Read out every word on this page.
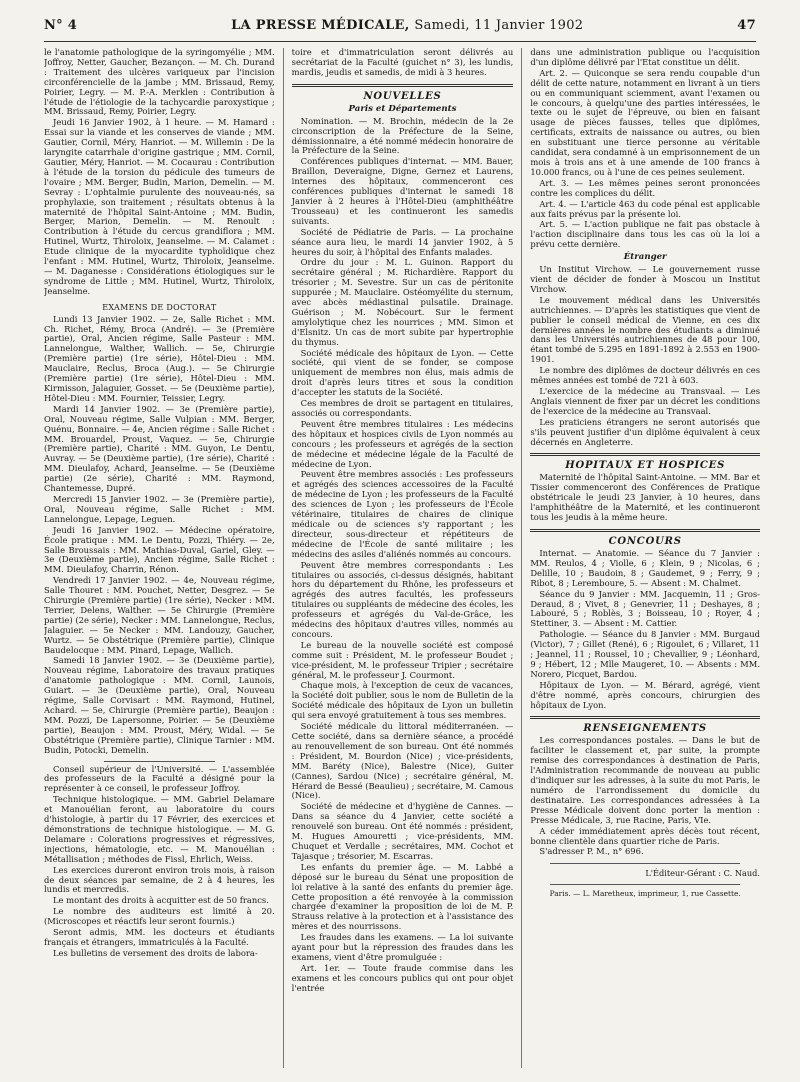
N° 4	LA PRESSE MÉDICALE, Samedi, 11 Janvier 1902	47

le l'anatomie pathologique de la syringomyélie ; MM. Joffroy, Netter, Gaucher, Bezançon. — M. Ch. Durand : Traitement des ulcères variqueux par l'incision circonférencielle de la jambe ; MM. Brissaud, Remy, Poirier, Legry. — M. P.-A. Merklen : Contribution à l'étude de l'étiologie de la tachycardie paroxystique ; MM. Brissaud, Remy, Poirier, Legry.

Jeudi 16 Janvier 1902, à 1 heure. — M. Hamard : Essai sur la viande et les conserves de viande ; MM. Gautier, Cornil, Méry, Hanriot. — M. Willemin : De la laryngite catarrhale d'origine gastrique ; MM. Cornil, Gautier, Méry, Hanriot. — M. Cocaurau : Contribution à l'étude de la torsion du pédicule des tumeurs de l'ovaire ; MM. Berger, Budin, Marion, Demelin. — M. Sevray : L'ophtalmie purulente des nouveau-nés, sa prophylaxie, son traitement ; résultats obtenus à la maternité de l'hôpital Saint-Antoine ; MM. Budin, Berger, Marion, Demelin. — M. Renoult : Contribution à l'étude du cercus grandiflora ; MM. Hutinel, Wurtz, Thiroloix, Jeanselme. — M. Calamet : Etude clinique de la myocardite typhoïdique chez l'enfant : MM. Hutinel, Wurtz, Thiroloix, Jeanselme. — M. Daganesse : Considérations étiologiques sur le syndrome de Little ; MM. Hutinel, Wurtz, Thiroloix, Jeanselme.

EXAMENS DE DOCTORAT

Lundi 13 Janvier 1902. — 2e, Salle Richet : MM. Ch. Richet, Rémy, Broca (André). — 3e (Première partie), Oral, Ancien régime, Salle Pasteur : MM. Lannelongue, Walther, Wallich. — 5e, Chirurgie (Première partie) (1re série), Hôtel-Dieu : MM. Mauclaire, Reclus, Broca (Aug.). — 5e Chirurgie (Première partie) (1re série), Hôtel-Dieu : MM. Kirmisson, Jalaguier, Gosset. — 5e (Deuxième partie), Hôtel-Dieu : MM. Fournier, Teissier, Legry.

Mardi 14 Janvier 1902. — 3e (Première partie), Oral, Nouveau régime, Salle Vulpian : MM. Berger, Quénu, Bonnaire. — 4e, Ancien régime : Salle Richet : MM. Brouardel, Proust, Vaquez. — 5e, Chirurgie (Première partie), Charité : MM. Guyon, Le Dentu, Auvray. — 5e (Deuxième partie), (1re série), Charité : MM. Dieulafoy, Achard, Jeanselme. — 5e (Deuxième partie) (2e série), Charité : MM. Raymond, Chantemesse, Dupré.

Mercredi 15 Janvier 1902. — 3e (Première partie), Oral, Nouveau régime, Salle Richet : MM. Lannelongue, Lepage, Leguen.

Jeudi 16 Janvier 1902. — Médecine opératoire, École pratique : MM. Le Dentu, Pozzi, Thiéry. — 2e, Salle Broussais : MM. Mathias-Duval, Gariel, Gley. — 3e (Deuxième partie), Ancien régime, Salle Richet : MM. Dieulafoy, Charrin, Rénon.

Vendredi 17 Janvier 1902. — 4e, Nouveau régime, Salle Thouret : MM. Pouchet, Netter, Desgrez. — 5e Chirurgie (Première partie) (1re série), Necker : MM. Terrier, Delens, Walther. — 5e Chirurgie (Première partie) (2e série), Necker : MM. Lannelongue, Reclus, Jalaguier. — 5e Necker : MM. Landouzy, Gaucher, Wurtz. — 5e Obstétrique (Première partie), Clinique Baudelocque : MM. Pinard, Lepage, Wallich.

Samedi 18 Janvier 1902. — 3e (Deuxième partie), Nouveau régime, Laboratoire des travaux pratiques d'anatomie pathologique : MM. Cornil, Launois, Guiart. — 3e (Deuxième partie), Oral, Nouveau régime, Salle Corvisart : MM. Raymond, Hutinel, Achard. — 5e, Chirurgie (Première partie), Beaujon : MM. Pozzi, De Lapersonne, Poirier. — 5e (Deuxième partie), Beaujon : MM. Proust, Méry, Widal. — 5e Obstétrique (Première partie), Clinique Tarnier : MM. Budin, Potocki, Demelin.

Conseil supérieur de l'Université. — L'assemblée des professeurs de la Faculté a désigné pour la représenter à ce conseil, le professeur Joffroy.

Technique histologique. — MM. Gabriel Delamare et Manouélian feront, au laboratoire du cours d'histologie, à partir du 17 Février, des exercices et démonstrations de technique histologique. — M. G. Delamare : Colorations progressives et régressives, injections, hématologie, etc. — M. Manouélian : Métallisation ; méthodes de Fissl, Ehrlich, Weiss.

Les exercices dureront environ trois mois, à raison de deux séances par semaine, de 2 à 4 heures, les lundis et mercredis.

Le montant des droits à acquitter est de 50 francs.

Le nombre des auditeurs est limité à 20. (Microscopes et réactifs leur seront fournis.)

Seront admis, MM. les docteurs et étudiants français et étrangers, immatriculés à la Faculté.

Les bulletins de versement des droits de labora-

toire et d'immatriculation seront délivrés au secrétariat de la Faculté (guichet n° 3), les lundis, mardis, jeudis et samedis, de midi à 3 heures.

NOUVELLES
Paris et Départements

Nomination. — M. Brochin, médecin de la 2e circonscription de la Préfecture de la Seine, démissionnaire, a été nommé médecin honoraire de la Préfecture de la Seine.

Conférences publiques d'internat. — MM. Bauer, Braillon, Deveraigne, Digne, Gernez et Laurens, internes des hôpitaux, commenceront ces conférences publiques d'internat le samedi 18 Janvier à 2 heures à l'Hôtel-Dieu (amphithéâtre Trousseau) et les continueront les samedis suivants.

Société de Pédiatrie de Paris. — La prochaine séance aura lieu, le mardi 14 janvier 1902, à 5 heures du soir, à l'hôpital des Enfants malades.

Ordre du jour : M. L. Guinon. Rapport du secrétaire général ; M. Richardière. Rapport du trésorier ; M. Sevestre. Sur un cas de péritonite suppurée ; M. Mauclaire. Ostéomyélite du sternum, avec abcès médiastinal pulsatile. Drainage. Guérison ; M. Nobécourt. Sur le ferment amylolytique chez les nourrices ; MM. Simon et d'Elsnitz. Un cas de mort subite par hypertrophie du thymus.

Société médicale des hôpitaux de Lyon. — Cette société, qui vient de se fonder, se compose uniquement de membres non élus, mais admis de droit d'après leurs titres et sous la condition d'accepter les statuts de la Société.

Ces membres de droit se partagent en titulaires, associés ou correspondants.

Peuvent être membres titulaires : Les médecins des hôpitaux et hospices civils de Lyon nommés au concours ; les professeurs et agrégés de la section de médecine et médecine légale de la Faculté de médecine de Lyon.

Peuvent être membres associés : Les professeurs et agrégés des sciences accessoires de la Faculté de médecine de Lyon ; les professeurs de la Faculté des sciences de Lyon ; les professeurs de l'École vétérinaire, titulaires de chaires de clinique médicale ou de sciences s'y rapportant ; les directeur, sous-directeur et répétiteurs de médecine de l'École de santé militaire ; les médecins des asiles d'aliénés nommés au concours.

Peuvent être membres correspondants : Les titulaires ou associés, ci-dessus désignés, habitant hors du département du Rhône, les professeurs et agrégés des autres facultés, les professeurs titulaires ou suppléants de médecine des écoles, les professeurs et agrégés du Val-de-Grâce, les médecins des hôpitaux d'autres villes, nommés au concours.

Le bureau de la nouvelle société est composé comme suit : Président, M. le professeur Boudet ; vice-président, M. le professeur Tripier ; secrétaire général, M. le professeur J. Courmont.

Chaque mois, à l'exception de ceux de vacances, la Société doit publier, sous le nom de Bulletin de la Société médicale des hôpitaux de Lyon un bulletin qui sera envoyé gratuitement à tous ses membres.

Société médicale du littoral méditerranéen. — Cette société, dans sa dernière séance, a procédé au renouvellement de son bureau. Ont été nommés : Président, M. Bourdon (Nice) ; vice-présidents, MM. Baréty (Nice), Balestre (Nice), Guiter (Cannes), Sardou (Nice) ; secrétaire général, M. Hérard de Bessé (Beaulieu) ; secrétaire, M. Camous (Nice).

Société de médecine et d'hygiène de Cannes. — Dans sa séance du 4 Janvier, cette société a renouvelé son bureau. Ont été nommés : président, M. Hugues Amouretti ; vice-présidents, MM. Chuquet et Verdalle ; secrétaires, MM. Cochot et Tajasque ; trésorier, M. Escarras.

Les enfants du premier âge. — M. Labbé a déposé sur le bureau du Sénat une proposition de loi relative à la santé des enfants du premier âge. Cette proposition a été renvoyée à la commission chargée d'examiner la proposition de loi de M. P. Strauss relative à la protection et à l'assistance des mères et des nourrissons.

Les fraudes dans les examens. — La loi suivante ayant pour but la répression des fraudes dans les examens, vient d'être promulguée :

Art. 1er. — Toute fraude commise dans les examens et les concours publics qui ont pour objet l'entrée

dans une administration publique ou l'acquisition d'un diplôme délivré par l'Etat constitue un délit.

Art. 2. — Quiconque se sera rendu coupable d'un délit de cette nature, notamment en livrant à un tiers ou en communiquant sciemment, avant l'examen ou le concours, à quelqu'une des parties intéressées, le texte ou le sujet de l'épreuve, ou bien en faisant usage de pièces fausses, telles que diplômes, certificats, extraits de naissance ou autres, ou bien en substituant une tierce personne au véritable candidat, sera condamné à un emprisonnement de un mois à trois ans et à une amende de 100 francs à 10.000 francs, ou à l'une de ces peines seulement.

Art. 3. — Les mêmes peines seront prononcées contre les complices du délit.

Art. 4. — L'article 463 du code pénal est applicable aux faits prévus par la présente loi.

Art. 5. — L'action publique ne fait pas obstacle à l'action disciplinaire dans tous les cas où la loi a prévu cette dernière.

Étranger

Un Institut Virchow. — Le gouvernement russe vient de décider de fonder à Moscou un Institut Virchow.

Le mouvement médical dans les Universités autrichiennes. — D'après les statistiques que vient de publier le conseil médical de Vienne, en ces dix dernières années le nombre des étudiants a diminué dans les Universités autrichiennes de 48 pour 100, étant tombé de 5.295 en 1891-1892 à 2.553 en 1900-1901.

Le nombre des diplômes de docteur délivrés en ces mêmes années est tombé de 721 à 603.

L'exercice de la médecine au Transvaal. — Les Anglais viennent de fixer par un décret les conditions de l'exercice de la médecine au Transvaal.

Les praticiens étrangers ne seront autorisés que s'ils peuvent justifier d'un diplôme équivalent à ceux décernés en Angleterre.

HOPITAUX ET HOSPICES

Maternité de l'hôpital Saint-Antoine. — MM. Bar et Tissier commenceront des Conférences de Pratique obstétricale le jeudi 23 Janvier, à 10 heures, dans l'amphithéâtre de la Maternité, et les continueront tous les jeudis à la même heure.

CONCOURS

Internat. — Anatomie. — Séance du 7 Janvier : MM. Reulos, 4 ; Violle, 6 ; Klein, 9 ; Nicolas, 6 ; Delille, 10 ; Baudoin, 8 ; Gaudemet, 9 ; Ferry, 9 ; Ribot, 8 ; Leremboure, 5. — Absent : M. Chalmet.

Séance du 9 Janvier : MM. Jacquemin, 11 ; Gros-Deraud, 8 ; Vivet, 8 ; Genevrier, 11 ; Deshayes, 8 ; Labouré, 5 ; Roblès, 3 ; Boisseau, 10 ; Royer, 4 ; Stettiner, 3. — Absent : M. Cattier.

Pathologie. — Séance du 8 Janvier : MM. Burgaud (Victor), 7 ; Gillet (René), 6 ; Rigoulet, 6 ; Villaret, 11 ; Jeannel, 11 ; Roussel, 10 ; Chevallier, 9 ; Léonhard, 9 ; Hébert, 12 ; Mlle Maugeret, 10. — Absents : MM. Norero, Picquet, Bardou.

Hôpitaux de Lyon. — M. Bérard, agrégé, vient d'être nommé, après concours, chirurgien des hôpitaux de Lyon.

RENSEIGNEMENTS

Les correspondances postales. — Dans le but de faciliter le classement et, par suite, la prompte remise des correspondances à destination de Paris, l'Administration recommande de nouveau au public d'indiquer sur les adresses, à la suite du mot Paris, le numéro de l'arrondissement du domicile du destinataire. Les correspondances adressées à La Presse Médicale doivent donc porter la mention : Presse Médicale, 3, rue Racine, Paris, VIe.

A céder immédiatement après décès tout récent, bonne clientèle dans quartier riche de Paris.

S'adresser P. M., n° 696.

L'Éditeur-Gérant : C. Naud.
Paris. — L. Maretheux, imprimeur, 1, rue Cassette.
